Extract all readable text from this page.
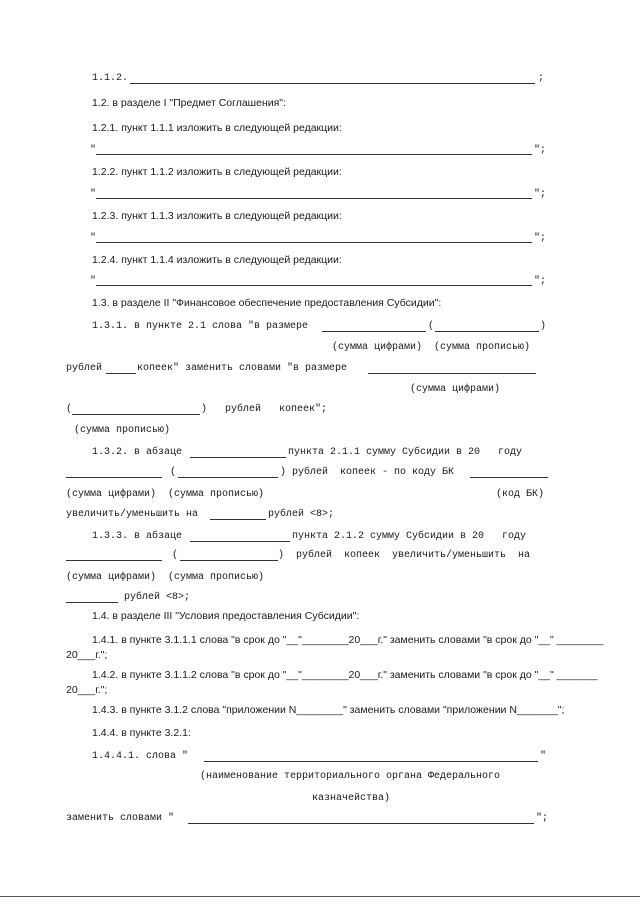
1.1.2.	;
1.2. в разделе I "Предмет Соглашения":
1.2.1. пункт 1.1.1 изложить в следующей редакции:
"	";
1.2.2. пункт 1.1.2 изложить в следующей редакции:
"	";
1.2.3. пункт 1.1.3 изложить в следующей редакции:
"	";
1.2.4. пункт 1.1.4 изложить в следующей редакции:
"	";
1.3. в разделе II "Финансовое обеспечение предоставления Субсидии":
1.3.1. в пункте 2.1 слова "в размере	(	)
(сумма цифрами)  (сумма прописью)
рублей	копеек" заменить словами "в размере
(сумма цифрами)
(	)   рублей   копеек";
(сумма прописью)
1.3.2. в абзаце	пункта 2.1.1 сумму Субсидии в 20   году
(	) рублей  копеек - по коду БК
(сумма цифрами)  (сумма прописью)	(код БК)
увеличить/уменьшить на	рублей <8>;
1.3.3. в абзаце	пункта 2.1.2 сумму Субсидии в 20   году
(	)  рублей  копеек  увеличить/уменьшить  на
(сумма цифрами)  (сумма прописью)
рублей <8>;
1.4. в разделе III "Условия предоставления Субсидии":
1.4.1. в пункте 3.1.1.1 слова "в срок до "__"________20___г." заменить словами "в срок до "__" ________
20___г.";
1.4.2. в пункте 3.1.1.2 слова "в срок до "__"________20___г." заменить словами "в срок до "__" _______
20___г.";
1.4.3. в пункте 3.1.2 слова "приложении N________" заменить словами "приложении N_______";
1.4.4. в пункте 3.2.1:
1.4.4.1. слова "	"
(наименование территориального органа Федерального
казначейства)
заменить словами "	";
